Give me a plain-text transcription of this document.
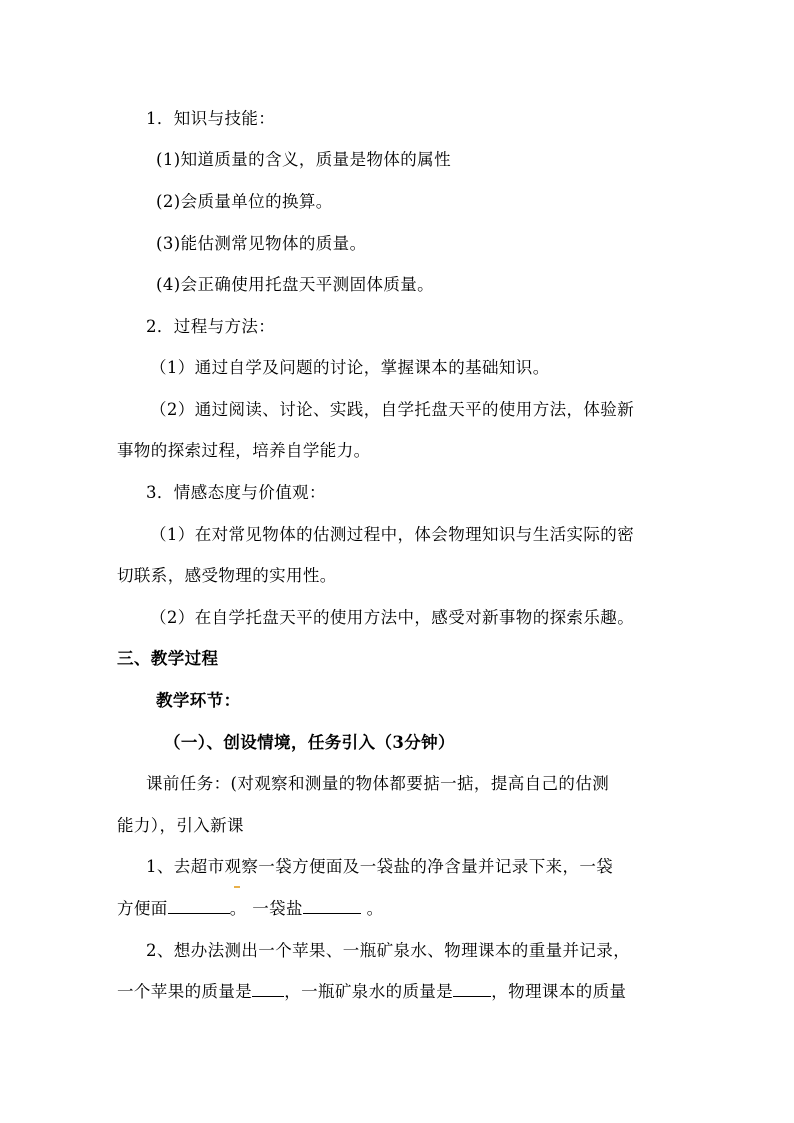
1．知识与技能：
(1)知道质量的含义，质量是物体的属性
(2)会质量单位的换算。
(3)能估测常见物体的质量。
(4)会正确使用托盘天平测固体质量。
2．过程与方法：
（1）通过自学及问题的讨论，掌握课本的基础知识。
（2）通过阅读、讨论、实践，自学托盘天平的使用方法，体验新
事物的探索过程，培养自学能力。
3．情感态度与价值观：
（1）在对常见物体的估测过程中，体会物理知识与生活实际的密
切联系，感受物理的实用性。
（2）在自学托盘天平的使用方法中，感受对新事物的探索乐趣。
三、教学过程
教学环节：
（一）、创设情境，任务引入（3分钟）
课前任务：(对观察和测量的物体都要掂一掂，提高自己的估测
能力），引入新课
1、去超市观察一袋方便面及一袋盐的净含量并记录下来，一袋
方便面	。 一袋盐	。
2、想办法测出一个苹果、一瓶矿泉水、物理课本的重量并记录，
一个苹果的质量是 ，一瓶矿泉水的质量是 ，物理课本的质量
